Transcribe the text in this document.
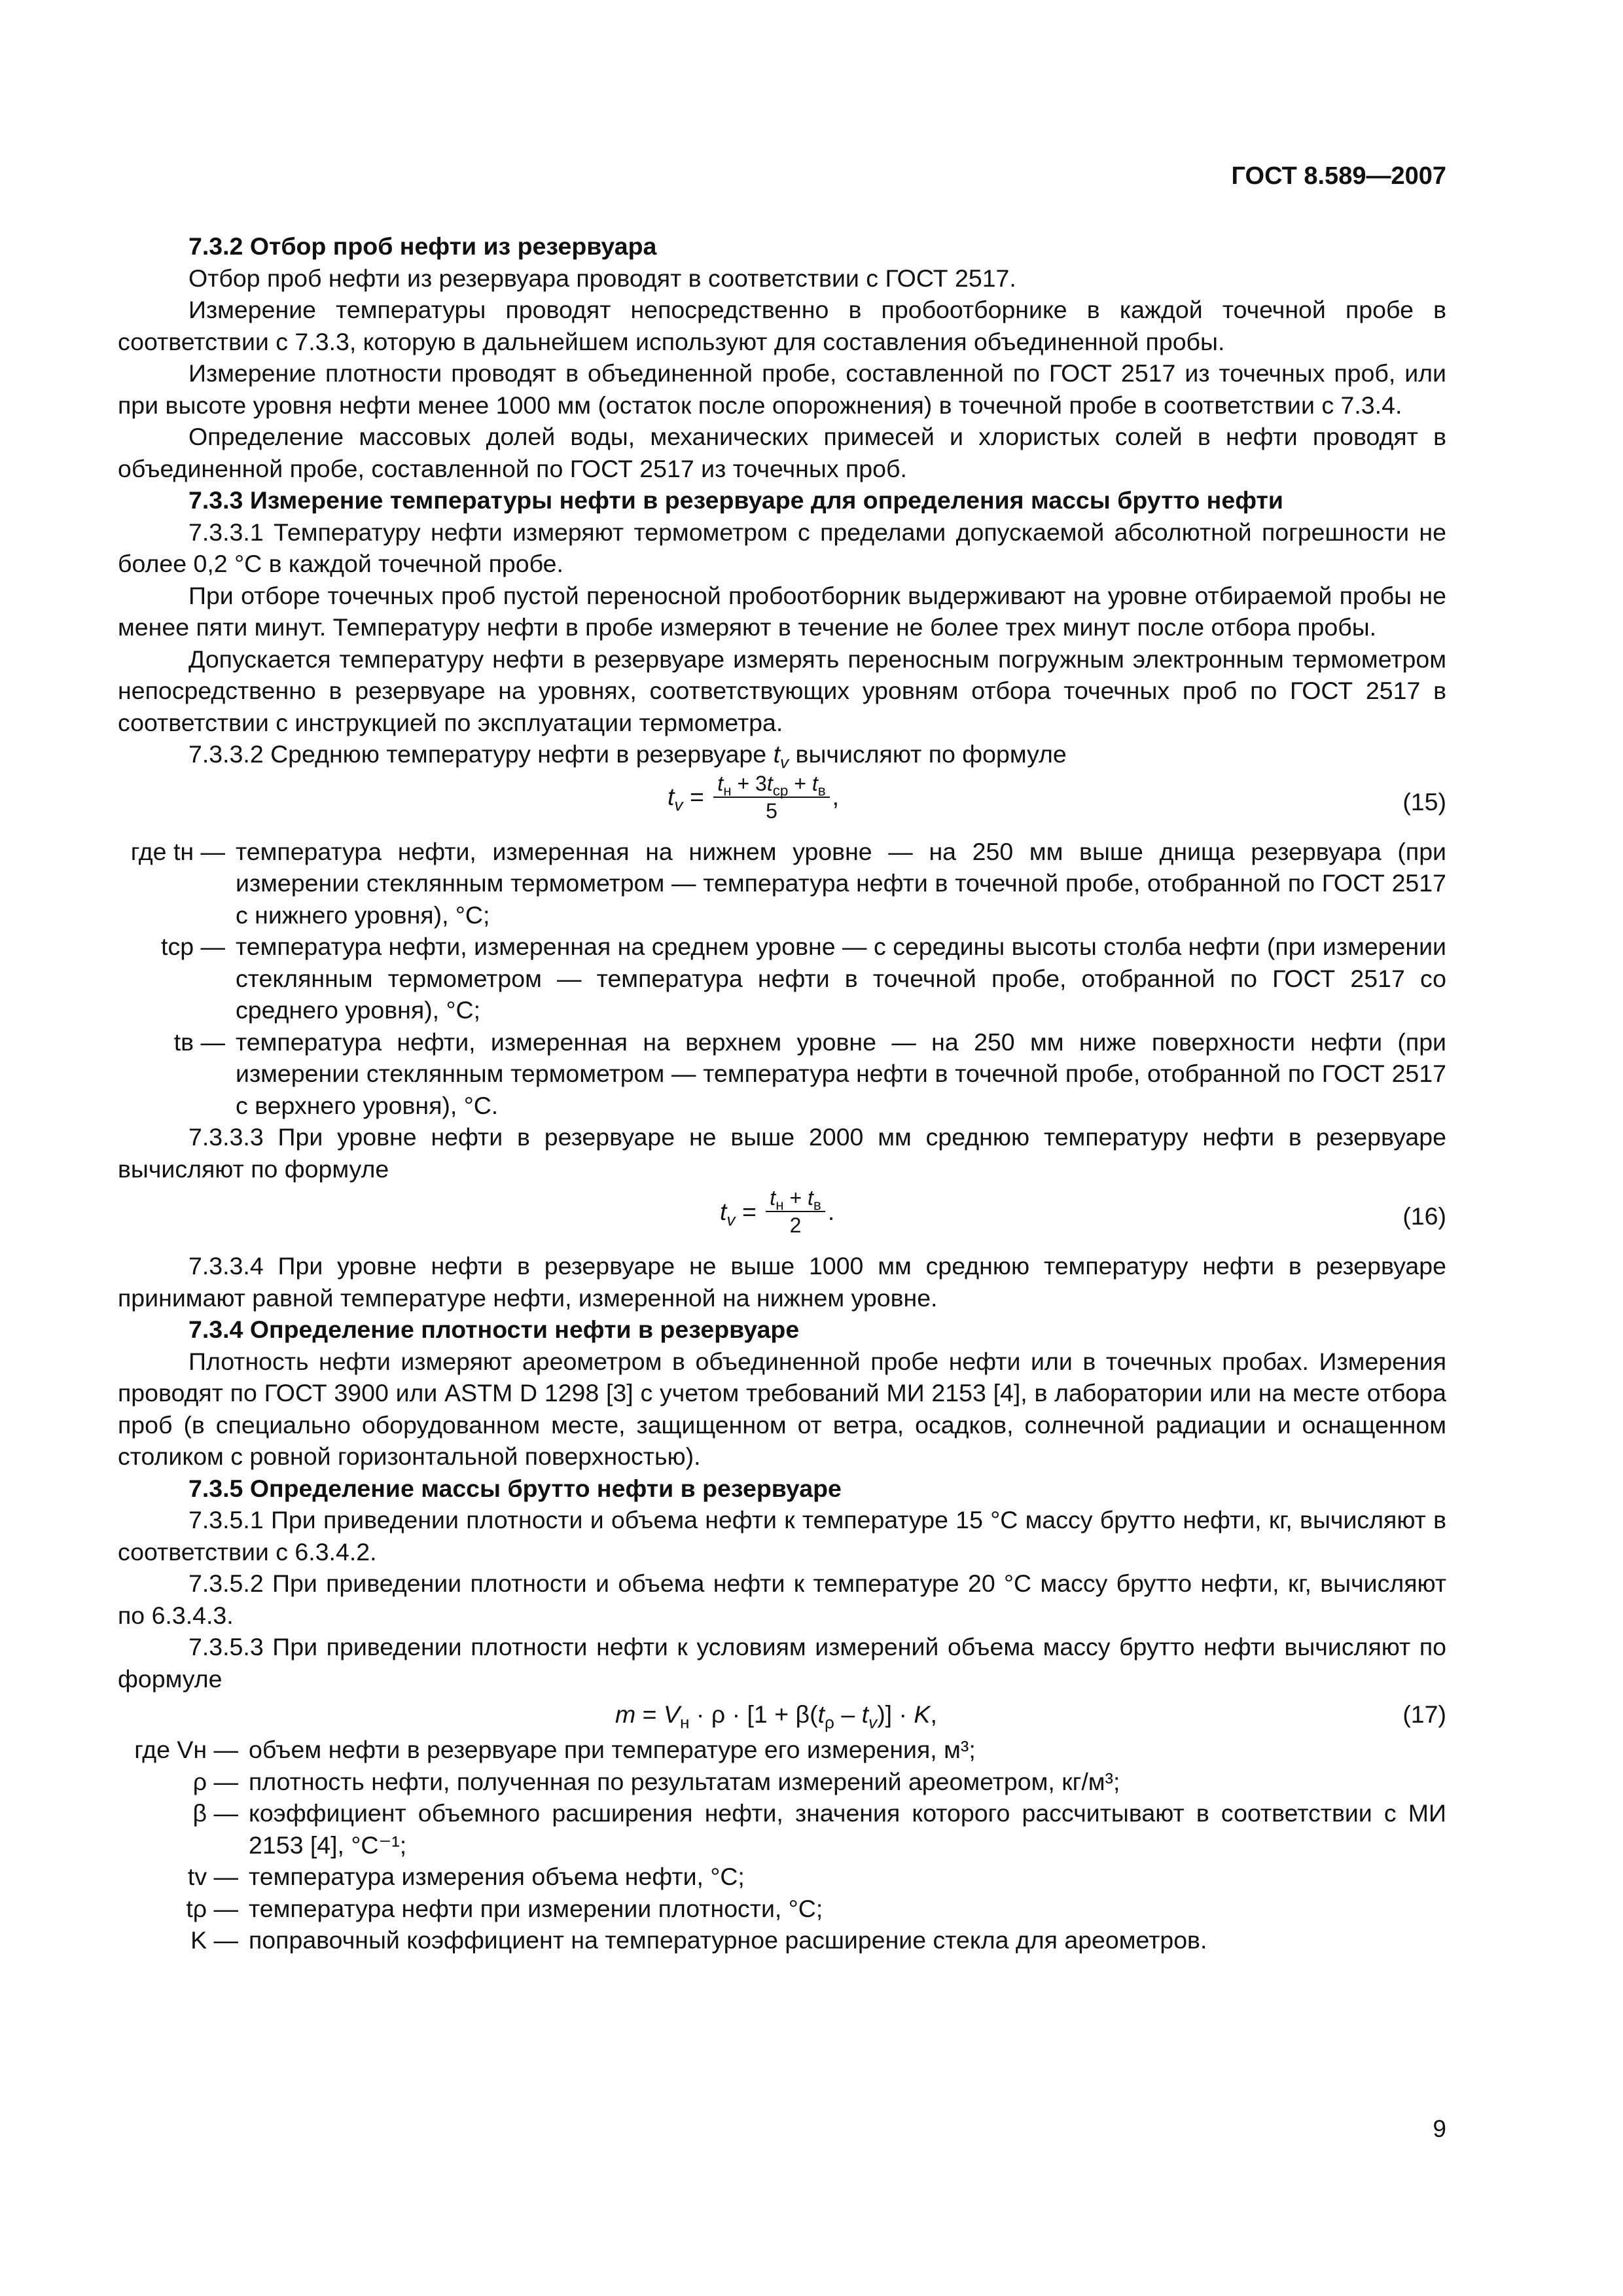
ГОСТ 8.589—2007

7.3.2 Отбор проб нефти из резервуара

Отбор проб нефти из резервуара проводят в соответствии с ГОСТ 2517.

Измерение температуры проводят непосредственно в пробоотборнике в каждой точечной пробе в соответствии с 7.3.3, которую в дальнейшем используют для составления объединенной пробы.

Измерение плотности проводят в объединенной пробе, составленной по ГОСТ 2517 из точечных проб, или при высоте уровня нефти менее 1000 мм (остаток после опорожнения) в точечной пробе в соответствии с 7.3.4.

Определение массовых долей воды, механических примесей и хлористых солей в нефти проводят в объединенной пробе, составленной по ГОСТ 2517 из точечных проб.

7.3.3 Измерение температуры нефти в резервуаре для определения массы брутто нефти

7.3.3.1 Температуру нефти измеряют термометром с пределами допускаемой абсолютной погрешности не более 0,2 °С в каждой точечной пробе.

При отборе точечных проб пустой переносной пробоотборник выдерживают на уровне отбираемой пробы не менее пяти минут. Температуру нефти в пробе измеряют в течение не более трех минут после отбора пробы.

Допускается температуру нефти в резервуаре измерять переносным погружным электронным термометром непосредственно в резервуаре на уровнях, соответствующих уровням отбора точечных проб по ГОСТ 2517 в соответствии с инструкцией по эксплуатации термометра.

7.3.3.2 Среднюю температуру нефти в резервуаре $t_v$ вычисляют по формуле

$t_v = \frac{t_н + 3t_{ср} + t_в}{5}$ ,	(15)
где tн — температура нефти, измеренная на нижнем уровне — на 250 мм выше днища резервуара (при измерении стеклянным термометром — температура нефти в точечной пробе, отобранной по ГОСТ 2517 с нижнего уровня), °С;
tср — температура нефти, измеренная на среднем уровне — с середины высоты столба нефти (при измерении стеклянным термометром — температура нефти в точечной пробе, отобранной по ГОСТ 2517 со среднего уровня), °С;
tв — температура нефти, измеренная на верхнем уровне — на 250 мм ниже поверхности нефти (при измерении стеклянным термометром — температура нефти в точечной пробе, отобранной по ГОСТ 2517 с верхнего уровня), °С.

7.3.3.3 При уровне нефти в резервуаре не выше 2000 мм среднюю температуру нефти в резервуаре вычисляют по формуле

$t_v = \frac{t_н + t_в}{2}$ .	(16)

7.3.3.4 При уровне нефти в резервуаре не выше 1000 мм среднюю температуру нефти в резервуаре принимают равной температуре нефти, измеренной на нижнем уровне.

7.3.4 Определение плотности нефти в резервуаре

Плотность нефти измеряют ареометром в объединенной пробе нефти или в точечных пробах. Измерения проводят по ГОСТ 3900 или ASTM D 1298 [3] с учетом требований МИ 2153 [4], в лаборатории или на месте отбора проб (в специально оборудованном месте, защищенном от ветра, осадков, солнечной радиации и оснащенном столиком с ровной горизонтальной поверхностью).

7.3.5 Определение массы брутто нефти в резервуаре

7.3.5.1 При приведении плотности и объема нефти к температуре 15 °С массу брутто нефти, кг, вычисляют в соответствии с 6.3.4.2.

7.3.5.2 При приведении плотности и объема нефти к температуре 20 °С массу брутто нефти, кг, вычисляют по 6.3.4.3.

7.3.5.3 При приведении плотности нефти к условиям измерений объема массу брутто нефти вычисляют по формуле

$m = V_н \cdot \rho \cdot [1 + \beta(t_\rho - t_v)] \cdot K$,	(17)
где Vн — объем нефти в резервуаре при температуре его измерения, м³;
ρ — плотность нефти, полученная по результатам измерений ареометром, кг/м³;
β — коэффициент объемного расширения нефти, значения которого рассчитывают в соответствии с МИ 2153 [4], °С⁻¹;
tv — температура измерения объема нефти, °С;
tρ — температура нефти при измерении плотности, °С;
K — поправочный коэффициент на температурное расширение стекла для ареометров.
9
